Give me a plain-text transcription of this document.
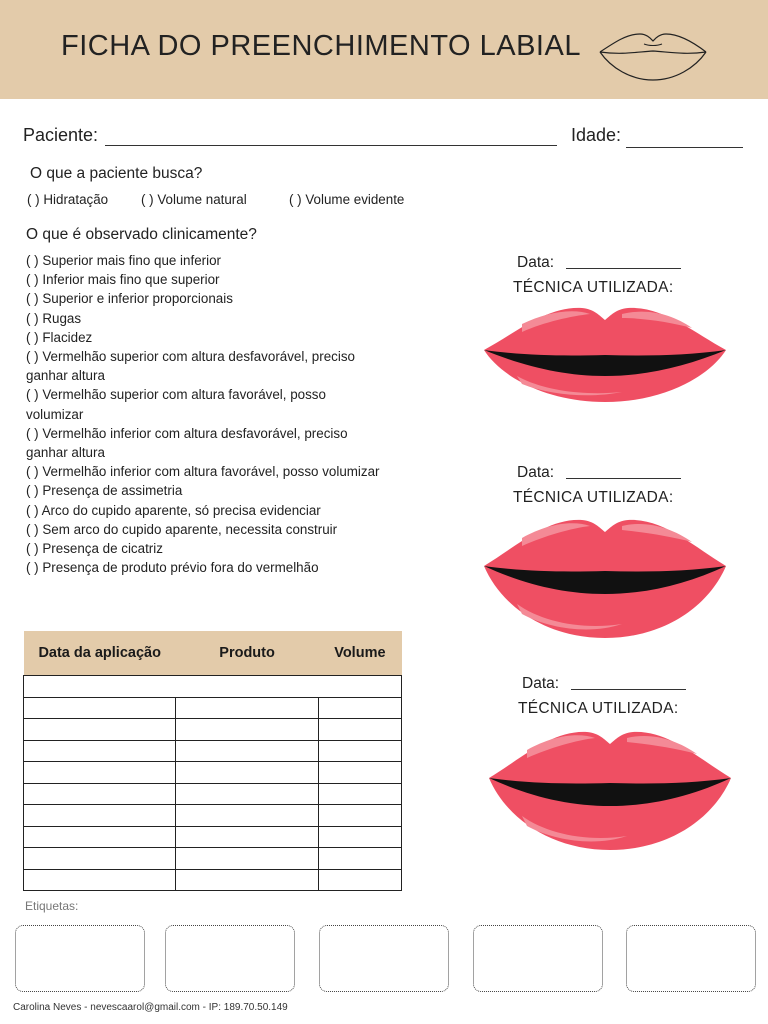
FICHA DO PREENCHIMENTO LABIAL
Paciente:	Idade:
O que a paciente busca?
( ) Hidratação ( ) Volume natural	( ) Volume evidente
O que é observado clinicamente?
( ) Superior mais fino que inferior
( ) Inferior mais fino que superior
( ) Superior e inferior proporcionais
( ) Rugas
( ) Flacidez
( ) Vermelhão superior com altura desfavorável, preciso ganhar altura
( ) Vermelhão superior com altura favorável, posso volumizar
( ) Vermelhão inferior com altura desfavorável, preciso ganhar altura
( ) Vermelhão inferior com altura favorável, posso volumizar
( ) Presença de assimetria
( ) Arco do cupido aparente, só precisa evidenciar
( ) Sem arco do cupido aparente, necessita construir
( ) Presença de cicatriz
( ) Presença de produto prévio fora do vermelhão
Data:
TÉCNICA UTILIZADA:
Data:
TÉCNICA UTILIZADA:
Data:
TÉCNICA UTILIZADA:
Data da aplicação	Produto	Volume

Etiquetas:
Carolina Neves - nevescaarol@gmail.com - IP: 189.70.50.149
